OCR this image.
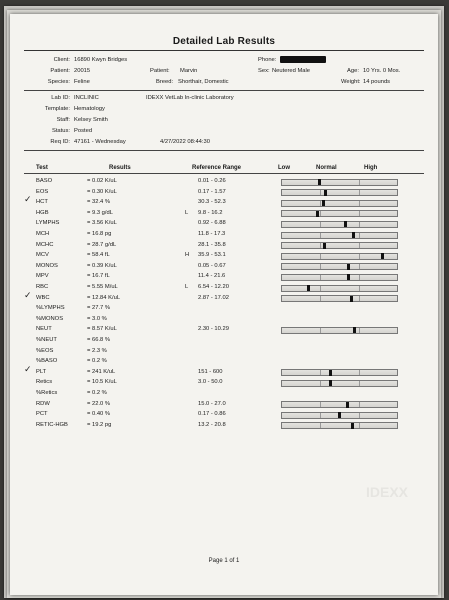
Detailed Lab Results
Client: 16890 Kwyn Bridges	Phone:
Patient: 20015	Patient: Marvin	Sex: Neutered Male	Age: 10 Yrs. 0 Mos.
Species: Feline	Breed: Shorthair, Domestic	Weight: 14 pounds
Lab ID: INCLINIC	IDEXX VetLab In-clinic Laboratory
Template: Hematology
Staff: Kelsey Smith
Status: Posted
Req ID: 47161 - Wednesday	4/27/2022 08:44:30
Test	Results	Reference Range	Low	Normal	High
BASO	= 0.02 K/uL	0.01 - 0.26
EOS	= 0.30 K/uL	0.17 - 1.57
HCT	= 32.4 %	30.3 - 52.3
✓
HGB	= 9.3 g/dL	L 9.8 - 16.2
LYMPHS	= 3.56 K/uL	0.92 - 6.88
MCH	= 16.8 pg	11.8 - 17.3
MCHC	= 28.7 g/dL	28.1 - 35.8
MCV	= 58.4 fL	H 35.9 - 53.1
MONOS	= 0.39 K/uL	0.05 - 0.67
MPV	= 16.7 fL	11.4 - 21.6
RBC	= 5.55 M/uL	L 6.54 - 12.20
WBC	= 12.84 K/uL	2.87 - 17.02
✓
%LYMPHS	= 27.7 %
%MONOS	= 3.0 %
NEUT	= 8.57 K/uL	2.30 - 10.29
%NEUT	= 66.8 %
%EOS	= 2.3 %
%BASO	= 0.2 %
PLT	= 241 K/uL	151 - 600
✓
Retics	= 10.5 K/uL	3.0 - 50.0
%Retics	= 0.2 %
RDW	= 22.0 %	15.0 - 27.0
PCT	= 0.40 %	0.17 - 0.86
RETIC-HGB	= 19.2 pg	13.2 - 20.8
IDEXX
Page 1 of 1
